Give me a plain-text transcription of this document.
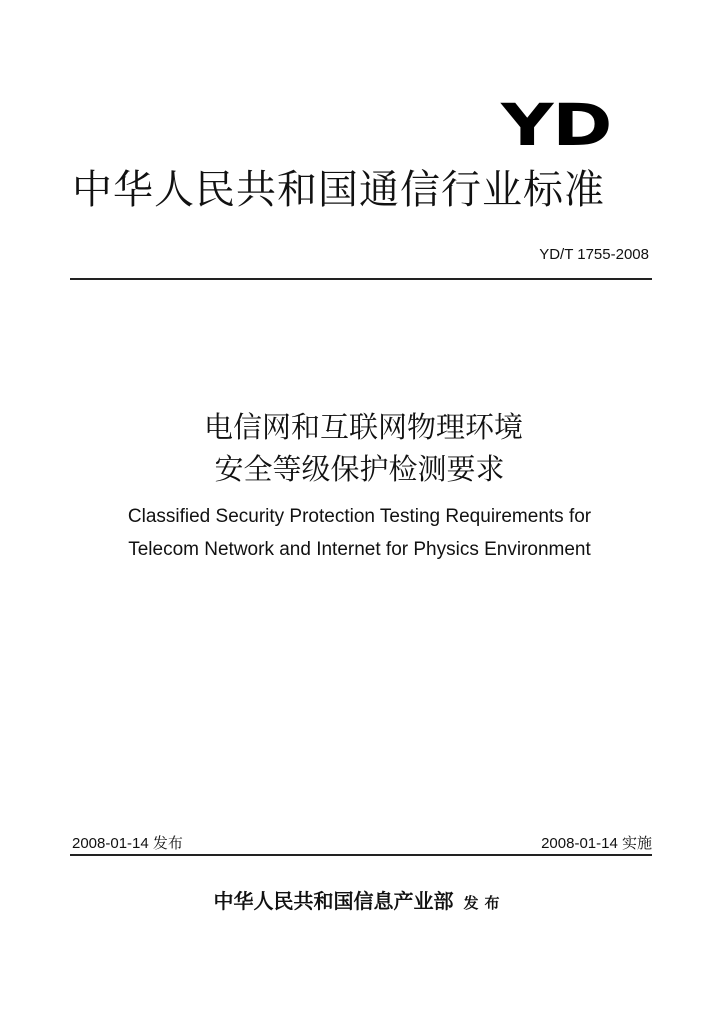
YD
中华人民共和国通信行业标准
YD/T 1755-2008
电信网和互联网物理环境
安全等级保护检测要求
Classified Security Protection Testing Requirements for
Telecom Network and Internet for Physics Environment
2008-01-14 发布	2008-01-14 实施
中华人民共和国信息产业部 发布
